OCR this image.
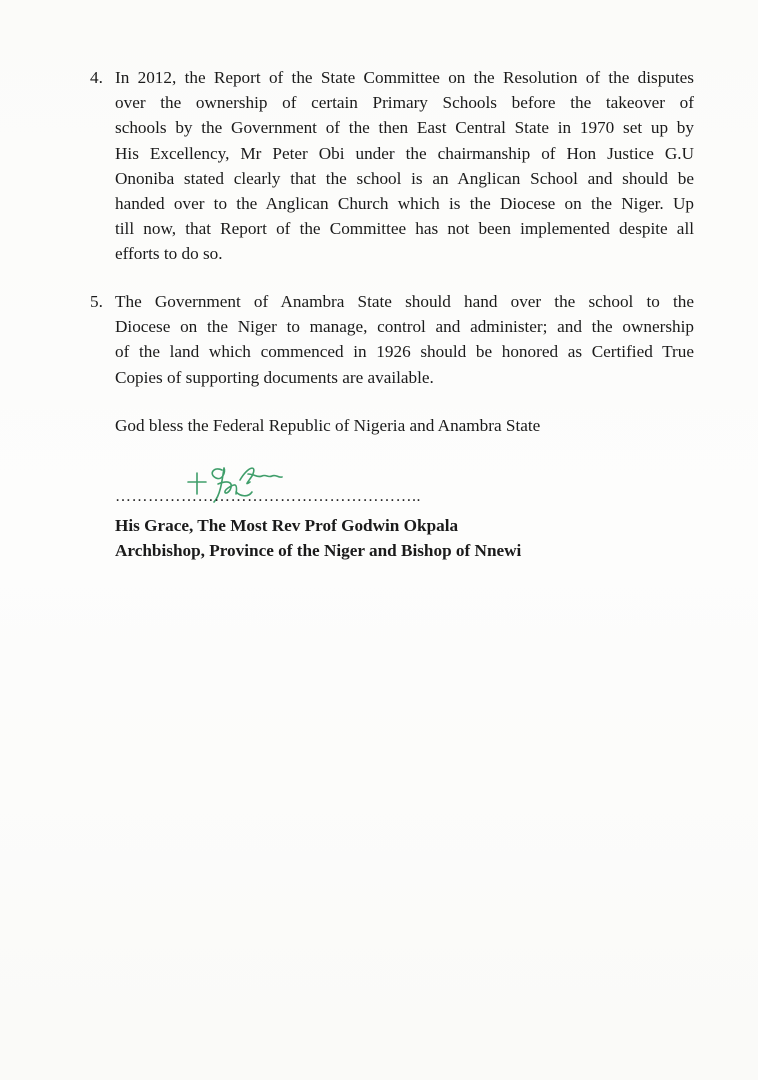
4. In 2012, the Report of the State Committee on the Resolution of the disputes
over the ownership of certain Primary Schools before the takeover of
schools by the Government of the then East Central State in 1970 set up by
His Excellency, Mr Peter Obi under the chairmanship of Hon Justice G.U
Ononiba stated clearly that the school is an Anglican School and should be
handed over to the Anglican Church which is the Diocese on the Niger. Up
till now, that Report of the Committee has not been implemented despite all
efforts to do so.
5. The Government of Anambra State should hand over the school to the
Diocese on the Niger to manage, control and administer; and the ownership
of the land which commenced in 1926 should be honored as Certified True
Copies of supporting documents are available.
God bless the Federal Republic of Nigeria and Anambra State
………………………………………………..
His Grace, The Most Rev Prof Godwin Okpala
Archbishop, Province of the Niger and Bishop of Nnewi
